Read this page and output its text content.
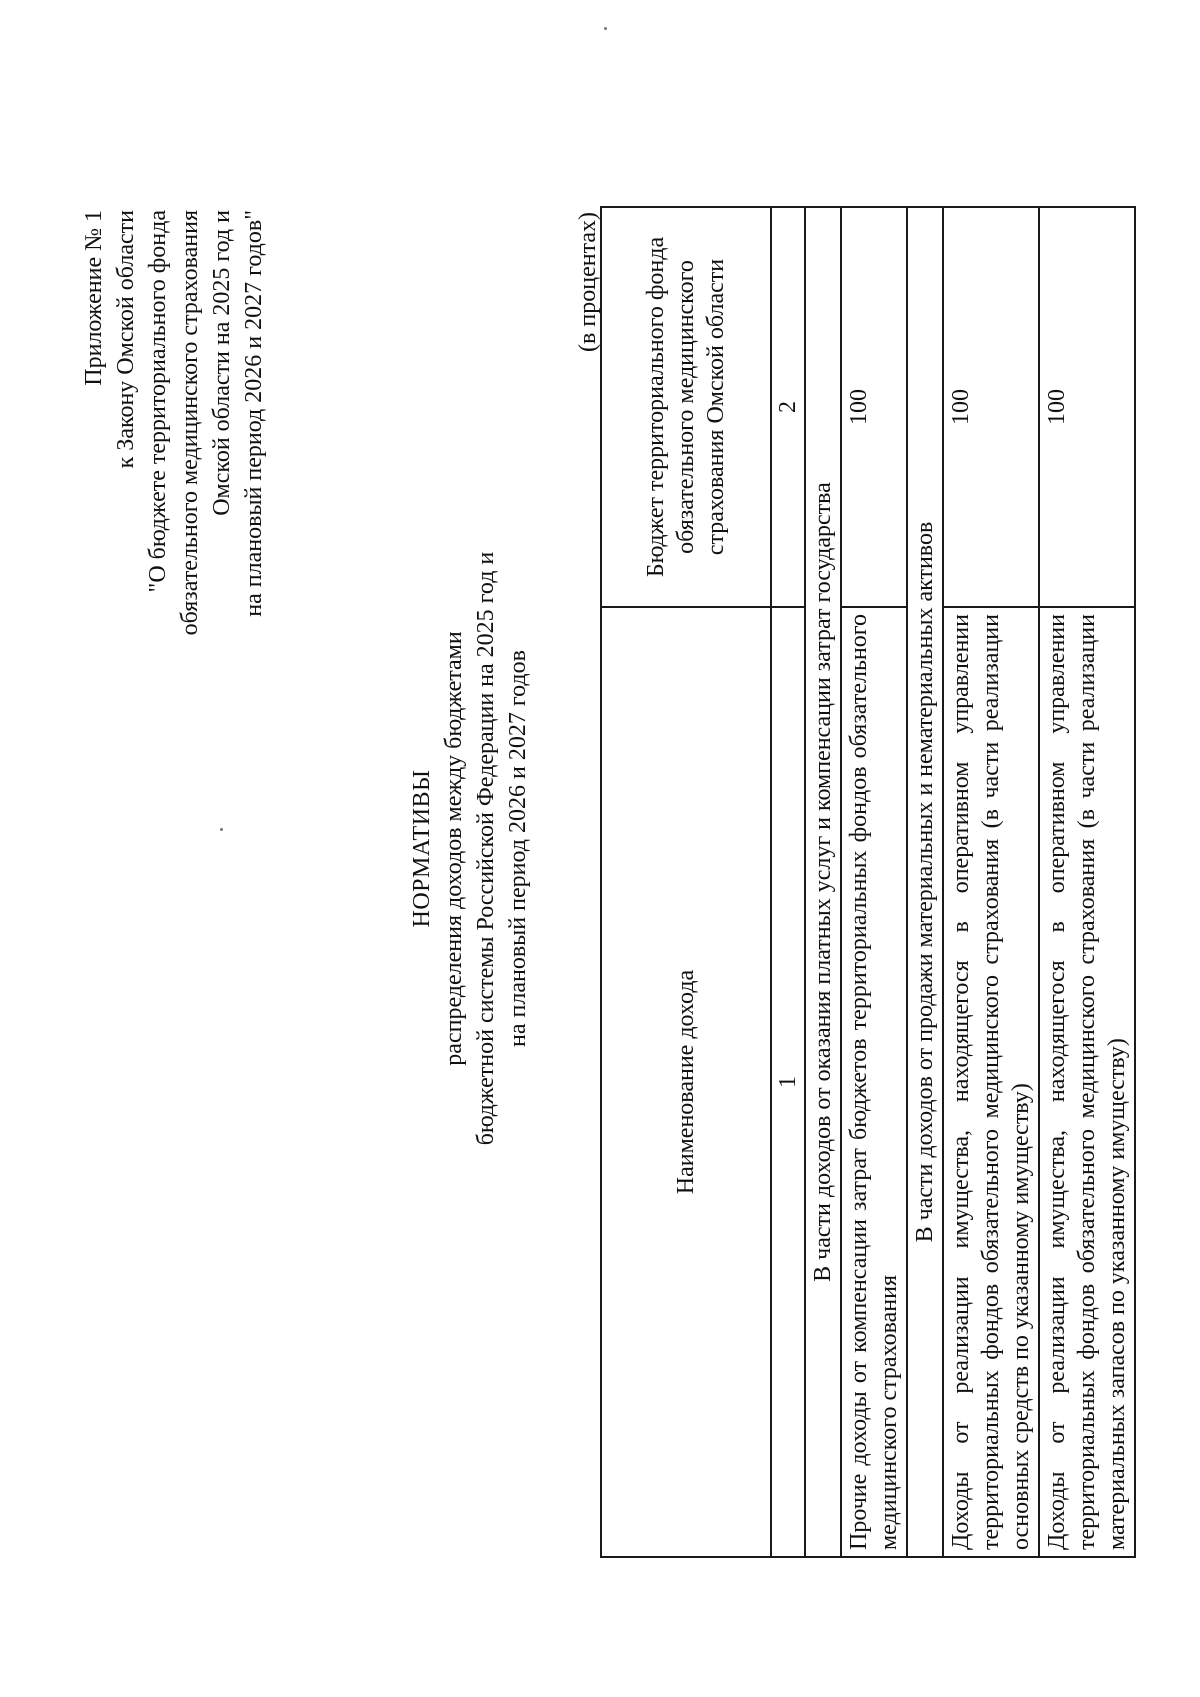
Приложение № 1 к Закону Омской области "О бюджете территориального фонда обязательного медицинского страхования Омской области на 2025 год и на плановый период 2026 и 2027 годов"
НОРМАТИВЫ распределения доходов между бюджетами бюджетной системы Российской Федерации на 2025 год и на плановый период 2026 и 2027 годов
(в процентах)
Наименование дохода	Бюджет территориального фонда обязательного медицинского страхования Омской области
1	2
В части доходов от оказания платных услуг и компенсации затрат государства	
Прочие доходы от компенсации затрат бюджетов территориальных фондов обязательного медицинского страхования	100
В части доходов от продажи материальных и нематериальных активов	
Доходы от реализации имущества, находящегося в оперативном управлении территориальных фондов обязательного медицинского страхования (в части реализации основных средств по указанному имуществу)	100
Доходы от реализации имущества, находящегося в оперативном управлении территориальных фондов обязательного медицинского страхования (в части реализации материальных запасов по указанному имуществу)	100
